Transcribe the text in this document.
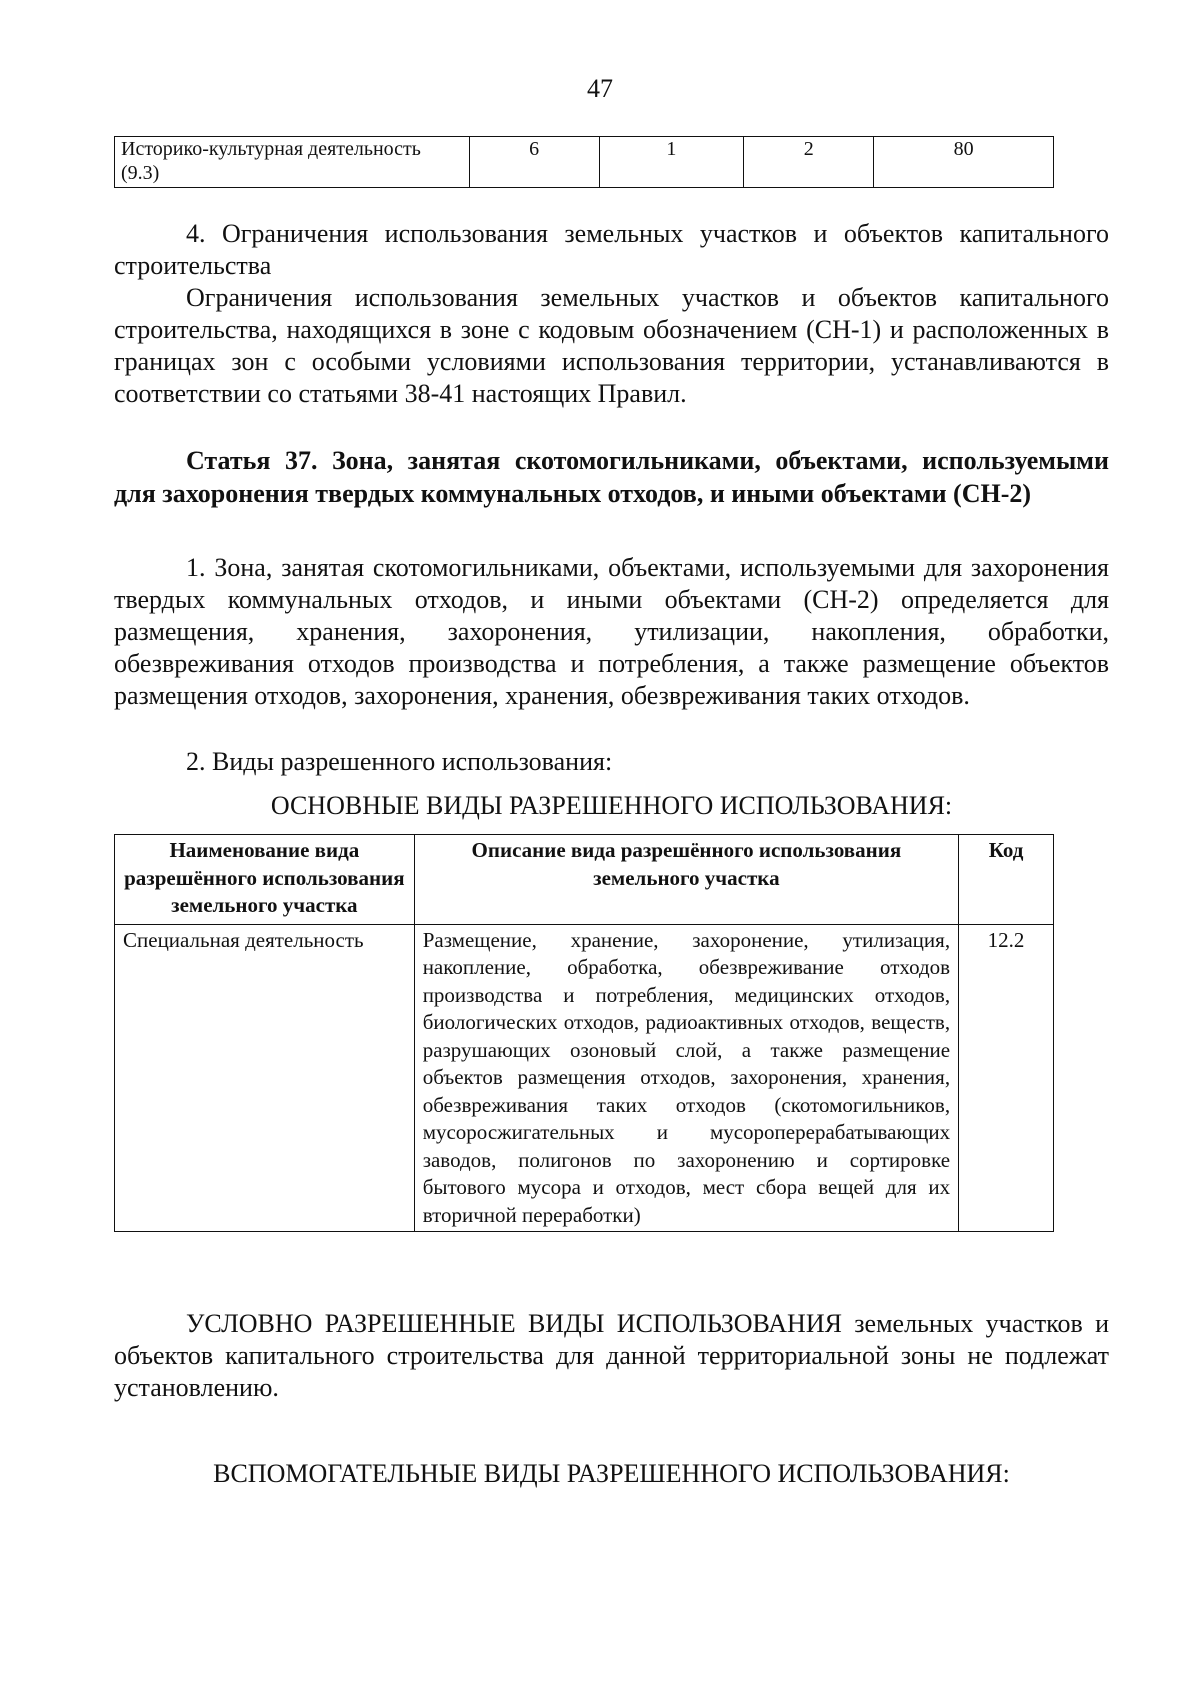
47
Историко-культурная деятельность (9.3)	6	1	2	80

4. Ограничения использования земельных участков и объектов капитального строительства

Ограничения использования земельных участков и объектов капитального строительства, находящихся в зоне с кодовым обозначением (СН-1) и расположенных в границах зон с особыми условиями использования территории, устанавливаются в соответствии со статьями 38-41 настоящих Правил.

Статья 37. Зона, занятая скотомогильниками, объектами, используемыми для захоронения твердых коммунальных отходов, и иными объектами (СН-2)

1. Зона, занятая скотомогильниками, объектами, используемыми для захоронения твердых коммунальных отходов, и иными объектами (СН-2) определяется для размещения, хранения, захоронения, утилизации, накопления, обработки, обезвреживания отходов производства и потребления, а также размещение объектов размещения отходов, захоронения, хранения, обезвреживания таких отходов.

2. Виды разрешенного использования:

ОСНОВНЫЕ ВИДЫ РАЗРЕШЕННОГО ИСПОЛЬЗОВАНИЯ:

Наименование вида разрешённого использования земельного участка	Описание вида разрешённого использования земельного участка	Код
Специальная деятельность	Размещение, хранение, захоронение, утилизация, накопление, обработка, обезвреживание отходов производства и потребления, медицинских отходов, биологических отходов, радиоактивных отходов, веществ, разрушающих озоновый слой, а также размещение объектов размещения отходов, захоронения, хранения, обезвреживания таких отходов (скотомогильников, мусоросжигательных и мусороперерабатывающих заводов, полигонов по захоронению и сортировке бытового мусора и отходов, мест сбора вещей для их вторичной переработки)	12.2

УСЛОВНО РАЗРЕШЕННЫЕ ВИДЫ ИСПОЛЬЗОВАНИЯ земельных участков и объектов капитального строительства для данной территориальной зоны не подлежат установлению.

ВСПОМОГАТЕЛЬНЫЕ ВИДЫ РАЗРЕШЕННОГО ИСПОЛЬЗОВАНИЯ:
